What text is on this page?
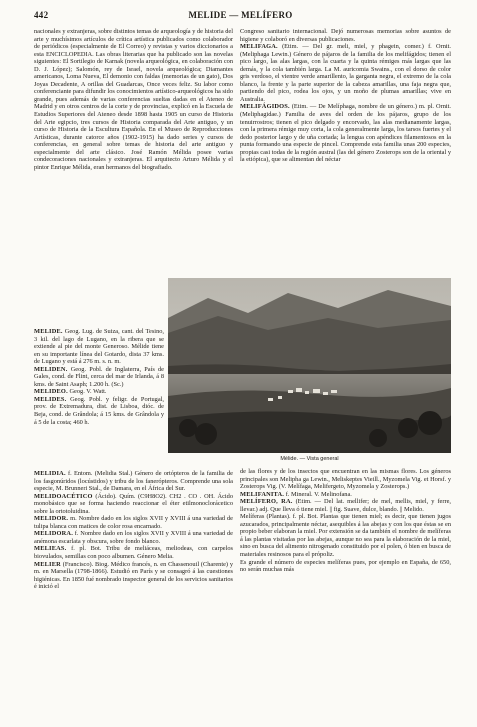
442	MELIDE — MELÍFERO

nacionales y extranjeras, sobre distintos temas de arqueología y de historia del arte y muchísimos artículos de crítica artística publicados como colaborador de periódicos (especialmente de El Correo) y revistas y varios diccionarios a esta ENCICLOPEDIA. Las obras literarias que ha publicado son las novelas siguientes: El Sortilegio de Karnak (novela arqueológica, en colaboración con D. J. López); Salomón, rey de Israel, novela arqueológica; Diamantes americanos, Loma Nueva, El demonio con faldas (memorias de un gato), Dos Joyas Decadente, A orillas del Guadarcas, Once veces feliz. Su labor como conferenciante para difundir los conocimientos artístico-arqueológicos ha sido grande, pues además de varias conferencias sueltas dadas en el Ateneo de Madrid y en otros centros de la corte y de provincias, explicó en la Escuela de Estudios Superiores del Ateneo desde 1898 hasta 1905 un curso de Historia del Arte egipcio, tres cursos de Historia comparada del Arte antiguo, y un curso de Historia de la Escultura Española. En el Museo de Reproducciones Artísticas, durante catorce años (1902-1915) ha dado series y cursos de conferencias, en general sobre temas de historia del arte antiguo y especialmente del arte clásico. José Ramón Mélida posee varias condecoraciones nacionales y extranjeras. El arquitecto Arturo Mélida y el pintor Enrique Mélida, eran hermanos del biografiado.

MELIDE. Geog. Lug. de Suiza, cant. del Tesino, 3 kil. del lago de Lugano, en la ribera que se extiende al pie del monte Generoso. Mélide tiene en su importante línea del Gotardo, dista 37 kms. de Lugano y está á 276 m. s. n. m.

MELIDEN. Geog. Pobl. de Inglaterra, País de Gales, cond. de Flint, cerca del mar de Irlanda, á 8 kms. de Saint Asaph; 1.200 h. (Sc.)

MELIDEO. Geog. V. Watt.

MELIDES. Geog. Pobl. y feligr. de Portugal, prov. de Extremadura, dist. de Lisboa, dióc. de Beja, cond. de Grândola; á 15 kms. de Grândola y á 5 de la costa; 460 h.

MELIDIA. f. Entom. (Melidia Stal.) Género de ortópteros de la familia de los fasgonúridos (locústidos) y tribu de los fanerópteros. Comprende una sola especie, M. Brunneri Stal., de Damara, en el África del Sur.

MELIDOACÉTICO (Ácido). Quím. (C9H8O2). CH2 . CO . OH. Ácido monobásico que se forma haciendo reaccionar el éter etilmonoclorácetico sobre la ortotoluidina.

MELIDOR. m. Nombre dado en los siglos XVII y XVIII á una variedad de tulipa blanca con matices de color rosa encarnado.

MELIDORA. f. Nombre dado en los siglos XVII y XVIII á una variedad de anémona escarlata y obscura, sobre fondo blanco.

MELIEAS. f. pl. Bot. Tribu de meliáceas, meliodeas, con carpelos biovulados, semillas con poco albumen. Género Melia.

MELIER (Francisco). Biog. Médico francés, n. en Chassenouil (Charente) y m. en Marsella (1798-1866). Estudió en París y se consagró á las cuestiones higiénicas. En 1850 fué nombrado inspector general de los servicios sanitarios é inició el

Congreso sanitario internacional. Dejó numerosas memorias sobre asuntos de higiene y colaboró en diversas publicaciones.

MELIFAGA. (Etim. — Del gr. meli, miel, y phagein, comer.) f. Ornit. (Meliphaga Lewin.) Género de pájaros de la familia de los melifágidos; tienen el pico largo, las alas largas, con la cuarta y la quinta rémiges más largas que las demás, y la cola también larga. La M. auricomia Swains., con el dorso de color gris verdoso, el vientre verde amarillento, la garganta negra, el extremo de la cola blanco, la frente y la parte superior de la cabeza amarillas, una faja negra que, partiendo del pico, rodea los ojos, y un moño de plumas amarillas; vive en Australia.

MELIFÁGIDOS. (Etim. — De Melíphaga, nombre de un género.) m. pl. Ornit. (Meliphagidae.) Familia de aves del orden de los pájaros, grupo de los tenuirrostros; tienen el pico delgado y encorvado, las alas medianamente largas, con la primera rémige muy corta, la cola generalmente larga, los tarsos fuertes y el dedo posterior largo y de uña cortada; la lengua con apéndices filamentosos en la punta formando una especie de pincel. Comprende esta familia unas 200 especies, propias casi todas de la región austral (las del género Zosterops son de la oriental y la etiópica), que se alimentan del néctar

Mélide. — Vista general

de las flores y de los insectos que encuentran en las mismas flores. Los géneros principales son Melipha ga Lewin., Meliskeptes Vieill., Myzomela Vig. et Horsf. y Zosterops Vig. (V. Melífaga, Melifergeto, Myzomela y Zosterops.)

MELIFANITA. f. Mineral. V. Melinofana.

MELÍFERO, RA. (Etim. — Del lat. mellifer; de mel, mellis, miel, y ferre, llevar.) adj. Que lleva ó tiene miel. || fig. Suave, dulce, blando. || Melido.

Melíferas (Plantas). f. pl. Bot. Plantas que tienen miel; es decir, que tienen jugos azucarados, principalmente néctar, asequibles á las abejas y con los que éstas se en propio beber elaboran la miel. Por extensión se da también el nombre de melíferas á las plantas visitadas por las abejas, aunque no sea para la elaboración de la miel, sino en busca del alimento nitrogenado constituido por el polen, ó bien en busca de materiales resinosos para el própoliz.

Es grande el número de especies melíferas pues, por ejemplo en España, de 650, no serán muchas más
